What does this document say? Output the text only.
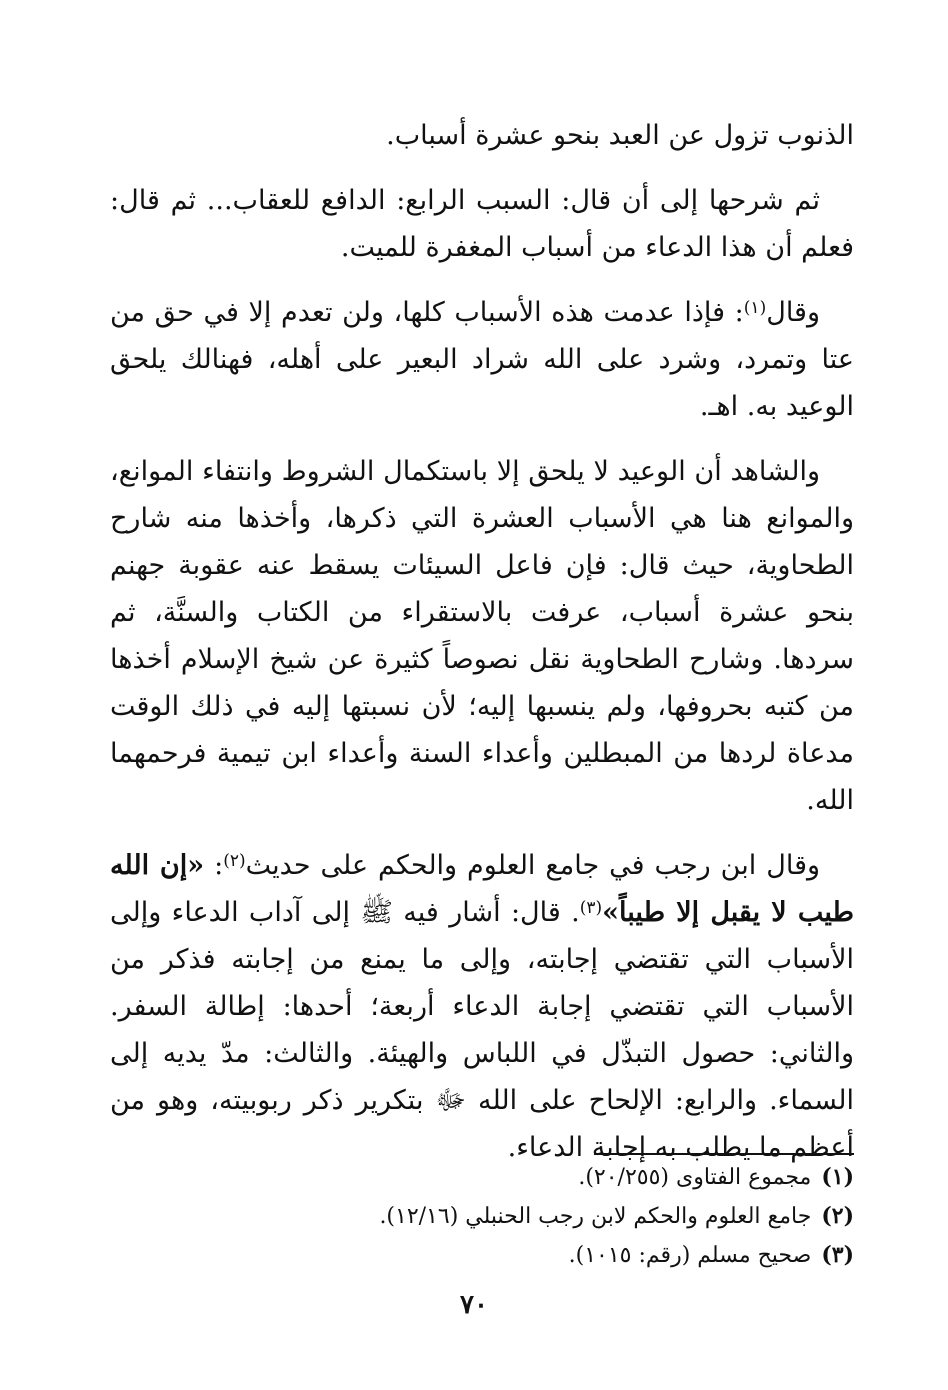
الذنوب تزول عن العبد بنحو عشرة أسباب.

ثم شرحها إلى أن قال: السبب الرابع: الدافع للعقاب... ثم قال: فعلم أن هذا الدعاء من أسباب المغفرة للميت.

وقال$^{(١)}$: فإذا عدمت هذه الأسباب كلها، ولن تعدم إلا في حق من عتا وتمرد، وشرد على الله شراد البعير على أهله، فهنالك يلحق الوعيد به. اهـ.

والشاهد أن الوعيد لا يلحق إلا باستكمال الشروط وانتفاء الموانع، والموانع هنا هي الأسباب العشرة التي ذكرها، وأخذها منه شارح الطحاوية، حيث قال: فإن فاعل السيئات يسقط عنه عقوبة جهنم بنحو عشرة أسباب، عرفت بالاستقراء من الكتاب والسنَّة، ثم سردها. وشارح الطحاوية نقل نصوصاً كثيرة عن شيخ الإسلام أخذها من كتبه بحروفها، ولم ينسبها إليه؛ لأن نسبتها إليه في ذلك الوقت مدعاة لردها من المبطلين وأعداء السنة وأعداء ابن تيمية فرحمهما الله.

وقال ابن رجب في جامع العلوم والحكم على حديث$^{(٢)}$: «إن الله طيب لا يقبل إلا طيباً»$^{(٣)}$. قال: أشار فيه ﷺ إلى آداب الدعاء وإلى الأسباب التي تقتضي إجابته، وإلى ما يمنع من إجابته فذكر من الأسباب التي تقتضي إجابة الدعاء أربعة؛ أحدها: إطالة السفر. والثاني: حصول التبذّل في اللباس والهيئة. والثالث: مدّ يديه إلى السماء. والرابع: الإلحاح على الله ﷻ بتكرير ذكر ربوبيته، وهو من أعظم ما يطلب به إجابة الدعاء.

(١)مجموع الفتاوى (٢٠/٢٥٥).

(٢)جامع العلوم والحكم لابن رجب الحنبلي (١٢/١٦).

(٣)صحيح مسلم (رقم: ١٠١٥).

٧٠
